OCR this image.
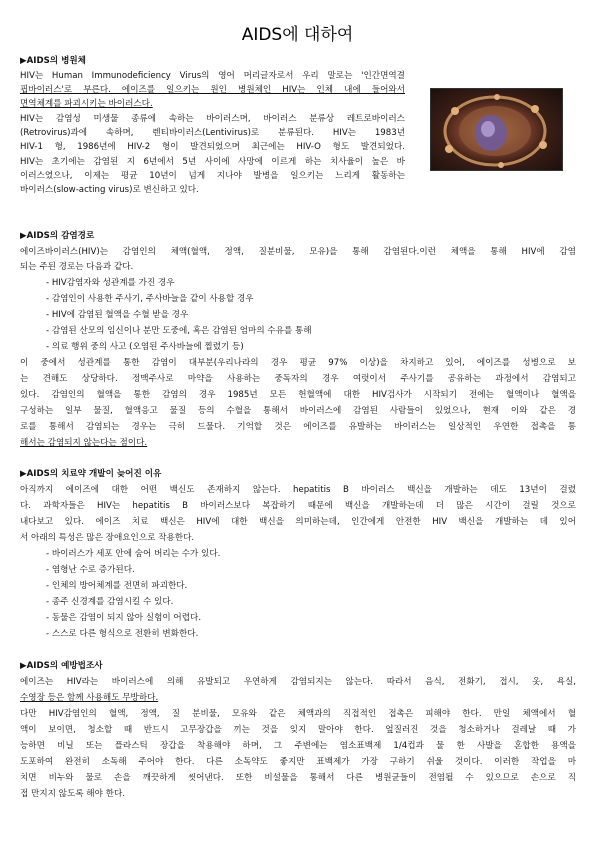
AIDS에 대하여
▶AIDS의 병원체
HIV는 Human Immunodeficiency Virus의 영어 머리글자로서 우리 말로는 '인간면역결
핍바이러스'로 부른다. 에이즈를 일으키는 원인 병원체인 HIV는 인체 내에 들어와서
면역체계를 파괴시키는 바이러스다.
HIV는 감염성 미생물 종류에 속하는 바이러스며, 바이러스 분류상 레트로바이러스
(Retrovirus)과에 속하며, 렌티바이러스(Lentivirus)로 분류된다. HIV는 1983년
HIV-1 형, 1986년에 HIV-2 형이 발견되었으며 최근에는 HIV-O 형도 발견되었다.
HIV는 초기에는 감염된 지 6년에서 5년 사이에 사망에 이르게 하는 치사율이 높은 바
이러스였으나, 이제는 평균 10년이 넘게 지나야 발병을 일으키는 느리게 활동하는
바이러스(slow-acting virus)로 변신하고 있다.
▶AIDS의 감염경로
에이즈바이러스(HIV)는 감염인의 체액(혈액, 정액, 질분비물, 모유)을 통해 감염된다.이런 체액을 통해 HIV에 감염
되는 주된 경로는 다음과 같다.
- HIV감염자와 성관계를 가진 경우
- 감염인이 사용한 주사기, 주사바늘을 같이 사용할 경우
- HIV에 감염된 혈액을 수혈 받을 경우
- 감염된 산모의 임신이나 분만 도중에, 혹은 감염된 엄마의 수유를 통해
- 의료 행위 중의 사고 (오염된 주사바늘에 찔렸기 등)
이 중에서 성관계를 통한 감염이 대부분(우리나라의 경우 평균 97% 이상)을 차지하고 있어, 에이즈를 성병으로 보
는 견해도 상당하다. 정맥주사로 마약을 사용하는 중독자의 경우 여럿이서 주사기를 공유하는 과정에서 감염되고
있다. 감염인의 혈액을 통한 감염의 경우 1985년 모든 헌혈액에 대한 HIV검사가 시작되기 전에는 혈액이나 혈액을
구성하는 일부 물질, 혈액응고 물질 등의 수혈을 통해서 바이러스에 감염된 사람들이 있었으나, 현재 이와 같은 경
로를 통해서 감염되는 경우는 극히 드물다. 기억할 것은 에이즈를 유발하는 바이러스는 일상적인 우연한 접촉을 통
해서는 감염되지 않는다는 점이다.
▶AIDS의 치료약 개발이 늦어진 이유
아직까지 에이즈에 대한 어떤 백신도 존재하지 않는다. hepatitis B 바이러스 백신을 개발하는 데도 13년이 걸렸
다. 과학자들은 HIV는 hepatitis B 바이러스보다 복잡하기 때문에 백신을 개발하는데 더 많은 시간이 걸릴 것으로
내다보고 있다. 에이즈 치료 백신은 HIV에 대한 백신을 의미하는데, 인간에게 안전한 HIV 백신을 개발하는 데 있어
서 아래의 특성은 많은 장애요인으로 작용한다.
- 바이러스가 세포 안에 숨어 버리는 수가 있다.
- 염형난 수로 증가된다.
- 인체의 방어체계를 전면히 파괴한다.
- 종주 신경계를 감염시킬 수 있다.
- 동물은 감염이 되지 않아 실험이 어렵다.
- 스스로 다른 형식으로 전환히 변화한다.
▶AIDS의 예방법조사
에이즈는 HIV라는 바이러스에 의해 유발되고 우연하게 감염되지는 않는다. 따라서 음식, 전화기, 접시, 옷, 욕실,
수영장 등은 함께 사용해도 무방하다.
다만 HIV감염인의 혈액, 정액, 질 분비물, 모유와 같은 체액과의 직접적인 접촉은 피해야 한다. 만일 체액에서 혈
액이 보이면, 청소할 때 반드시 고무장갑을 끼는 것을 잊지 말아야 한다. 엎질러진 것을 청소하거나 걸레날 때 가
능하면 비닐 또는 플라스틱 장갑을 착용해야 하며, 그 주변에는 염소표백제 1/4컵과 물 한 사발을 혼합한 용액을
도포하여 완전히 소독해 주어야 한다. 다른 소독약도 좋지만 표백제가 가장 구하기 쉬울 것이다. 이러한 작업을 마
치면 비누와 물로 손을 깨끗하게 씻어낸다. 또한 비설물을 통해서 다른 병원균들이 전염될 수 있으므로 손으로 직
접 만지지 않도록 해야 한다.
